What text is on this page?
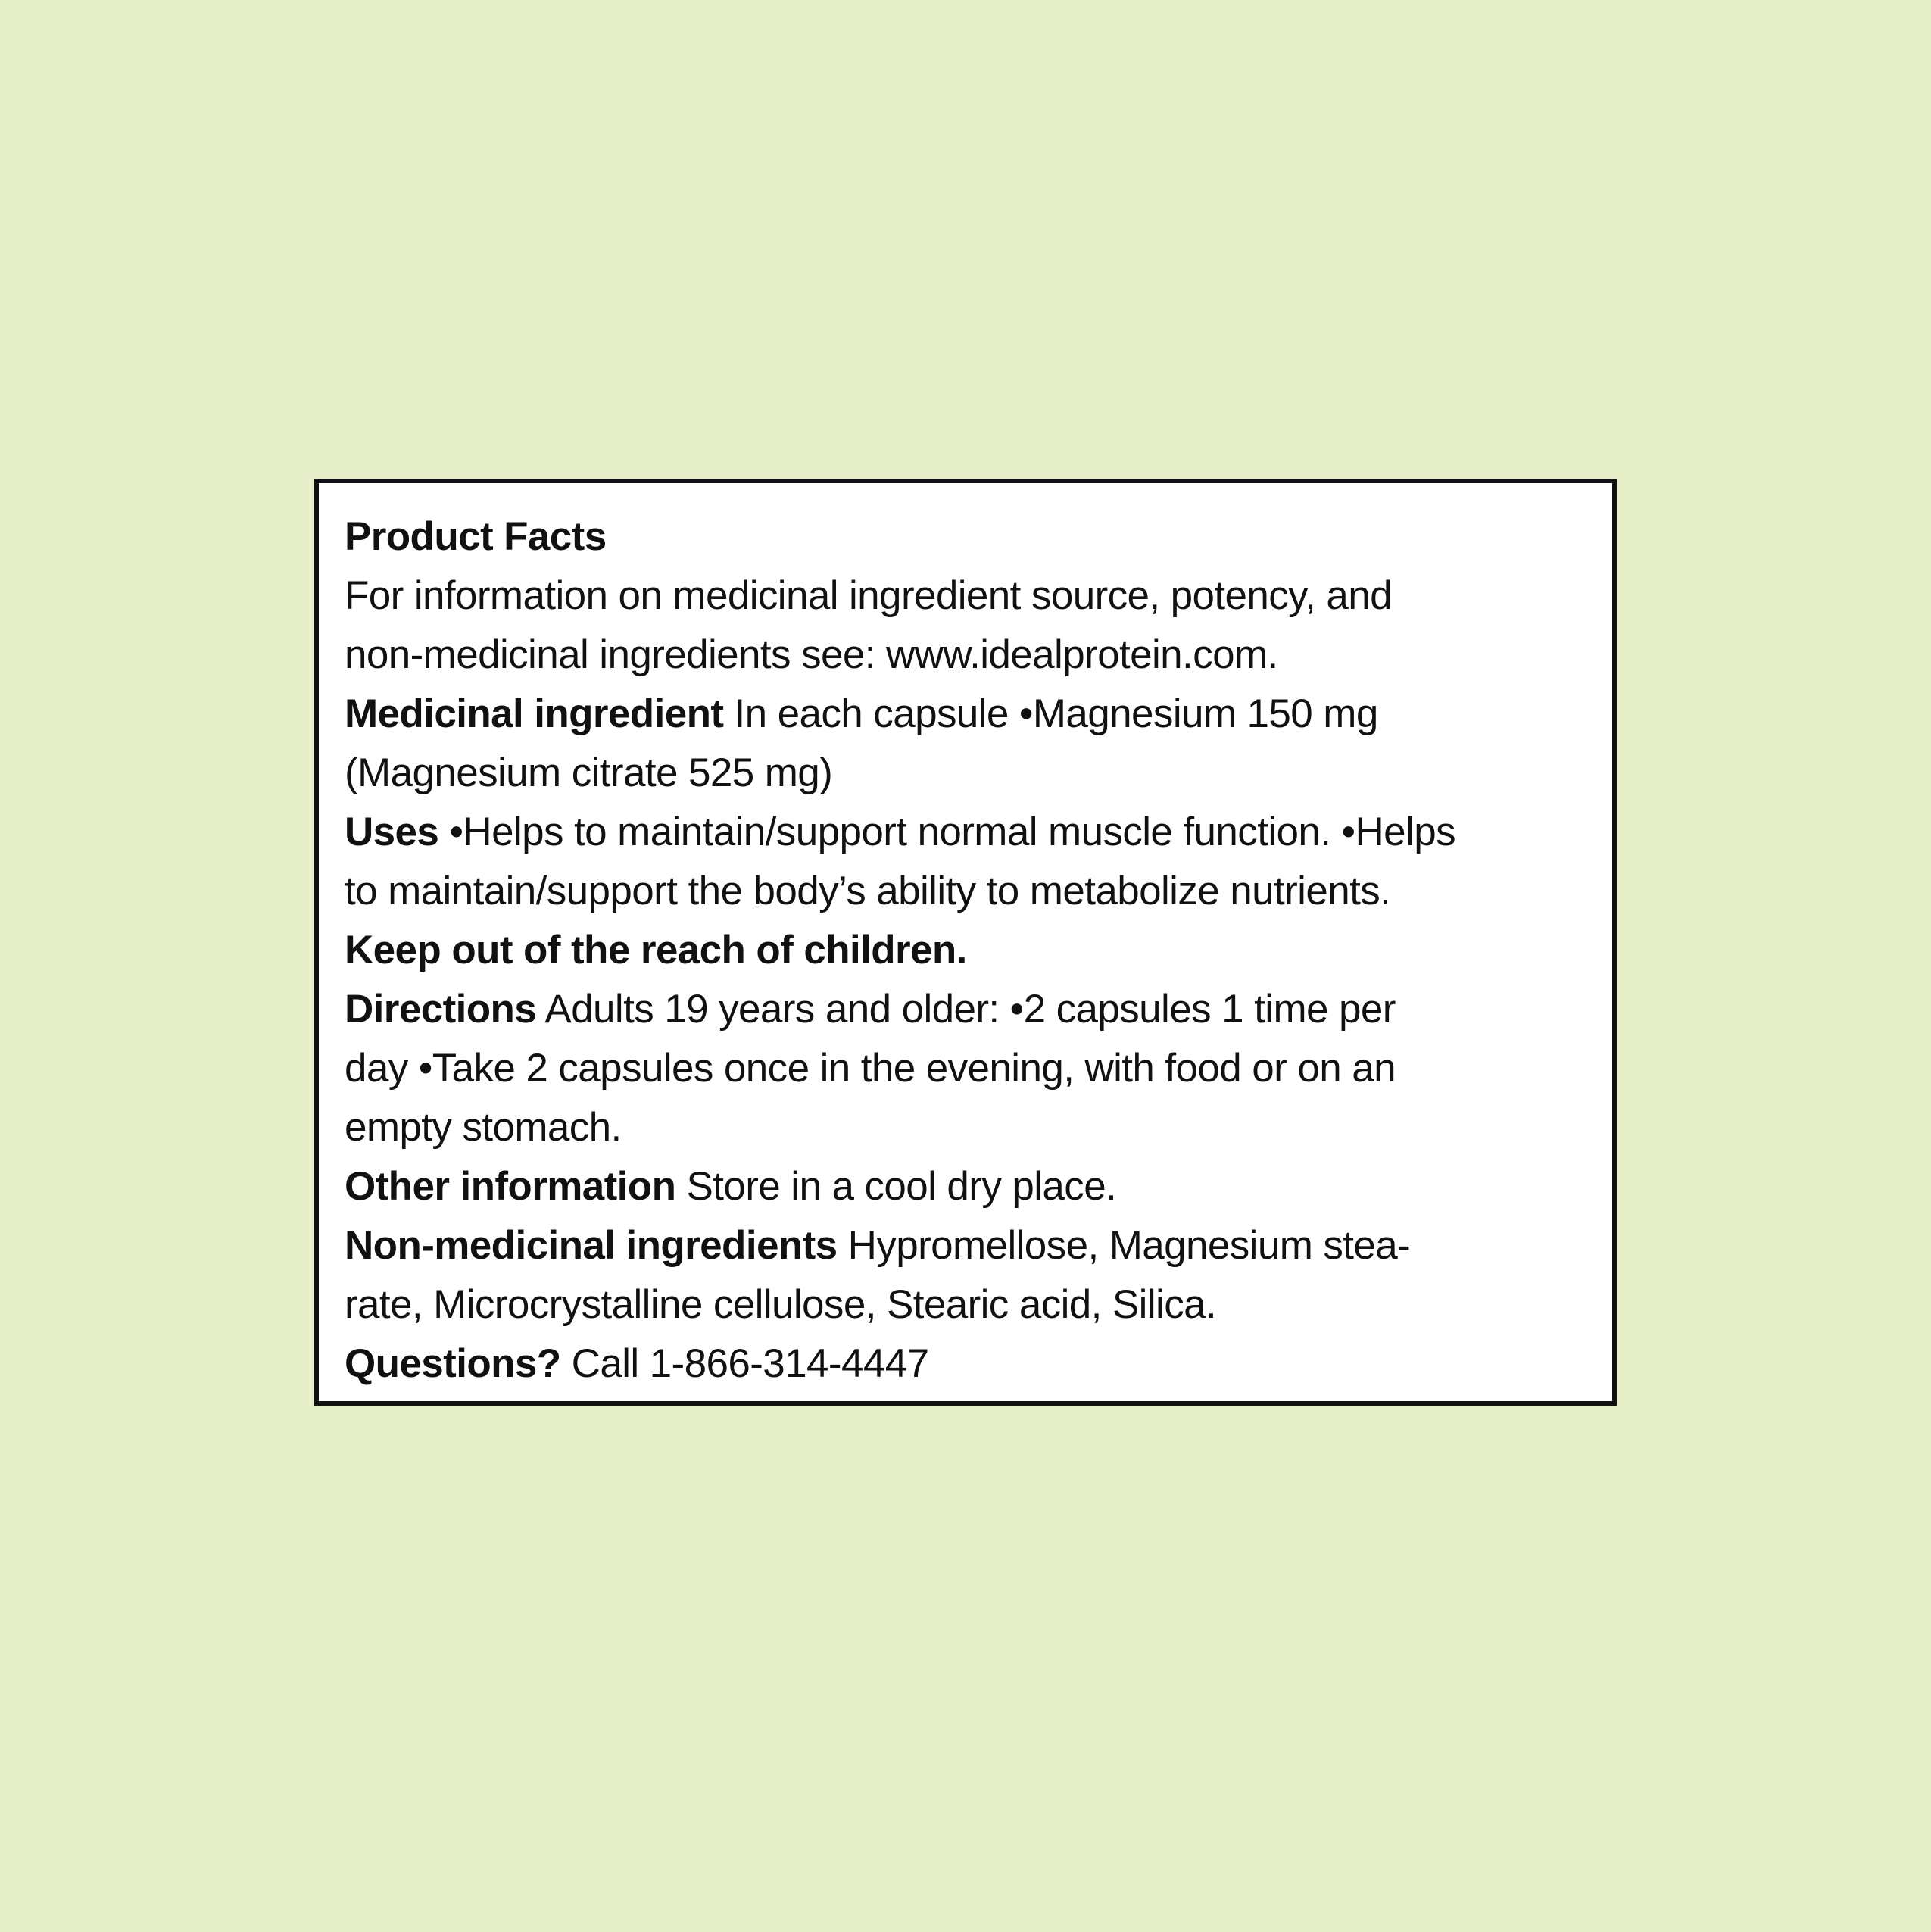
Product Facts

For information on medicinal ingredient source, potency, and

non-medicinal ingredients see: www.idealprotein.com.

Medicinal ingredient In each capsule •Magnesium 150 mg

(Magnesium citrate 525 mg)

Uses •Helps to maintain/support normal muscle function. •Helps

to maintain/support the body’s ability to metabolize nutrients.

Keep out of the reach of children.

Directions Adults 19 years and older: •2 capsules 1 time per

day •Take 2 capsules once in the evening, with food or on an

empty stomach.

Other information Store in a cool dry place.

Non-medicinal ingredients Hypromellose, Magnesium stea-

rate, Microcrystalline cellulose, Stearic acid, Silica.

Questions? Call 1-866-314-4447
